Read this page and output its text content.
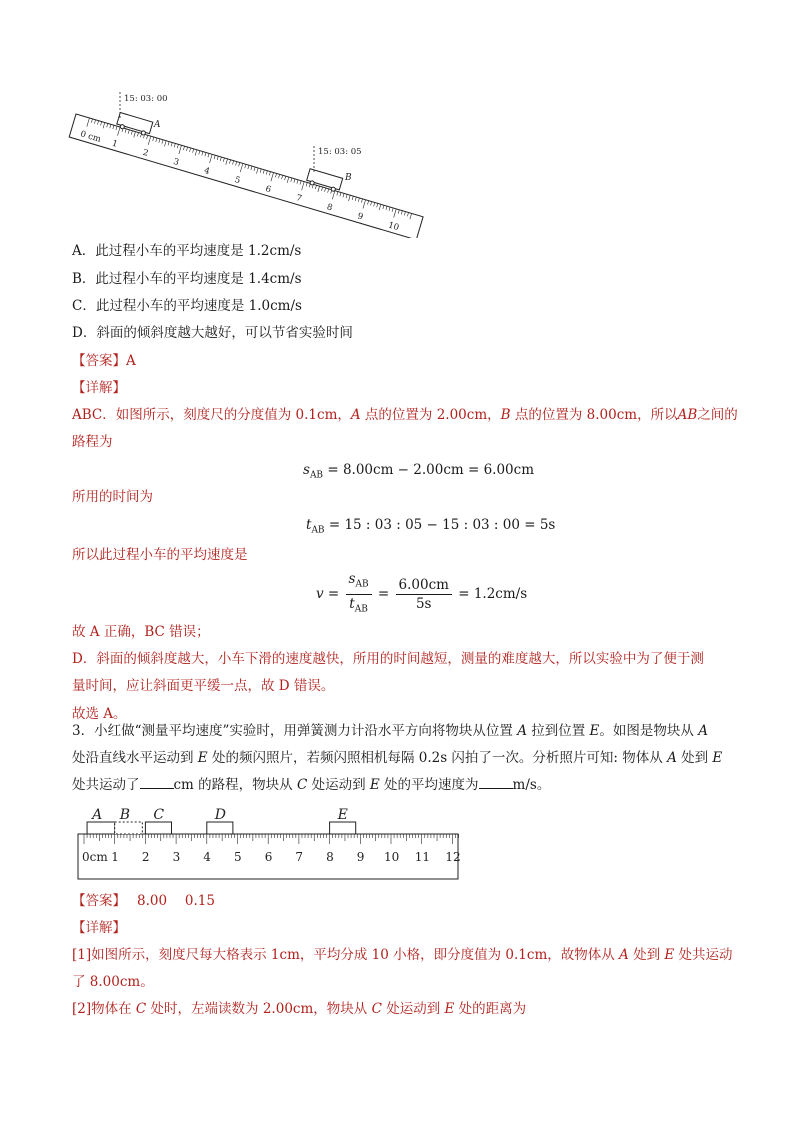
0 cm 1
2
3
4
5
6
7
8
9
10
15: 03: 00
A
15: 03: 05
B
A．此过程小车的平均速度是 1.2cm/s
B．此过程小车的平均速度是 1.4cm/s
C．此过程小车的平均速度是 1.0cm/s
D．斜面的倾斜度越大越好，可以节省实验时间
【答案】A
【详解】
ABC．如图所示，刻度尺的分度值为 0.1cm，A 点的位置为 2.00cm，B 点的位置为 8.00cm，所以AB之间的
路程为
$s_{AB} = 8.00cm - 2.00cm = 6.00cm$
所用的时间为
$t_{AB} = 15$ : 03 : 05 − 15 : 03 : 00 = 5s
所以此过程小车的平均速度是
$v = \frac{s_{AB}}{t_{AB}} = \frac{6.00cm}{5s} = 1.2cm/s$
故 A 正确，BC 错误；
D．斜面的倾斜度越大，小车下滑的速度越快，所用的时间越短，测量的难度越大，所以实验中为了便于测
量时间，应让斜面更平缓一点，故 D 错误。
故选 A。
3．小红做“测量平均速度”实验时，用弹簧测力计沿水平方向将物块从位置 A 拉到位置 E。如图是物块从 A
处沿直线水平运动到 E 处的频闪照片，若频闪照相机每隔 0.2s 闪拍了一次。分析照片可知: 物体从 A 处到 E
处共运动了	cm 的路程，物块从 C 处运动到 E 处的平均速度为	m/s。
0cm 1 2 3 4 5 6 7 8 9 10 11 12
A B C	D	E
【答案】　 8.00　 0.15
【详解】
[1]如图所示，刻度尺每大格表示 1cm，平均分成 10 小格，即分度值为 0.1cm，故物体从 A 处到 E 处共运动
了 8.00cm。
[2]物体在 C 处时，左端读数为 2.00cm，物块从 C 处运动到 E 处的距离为
